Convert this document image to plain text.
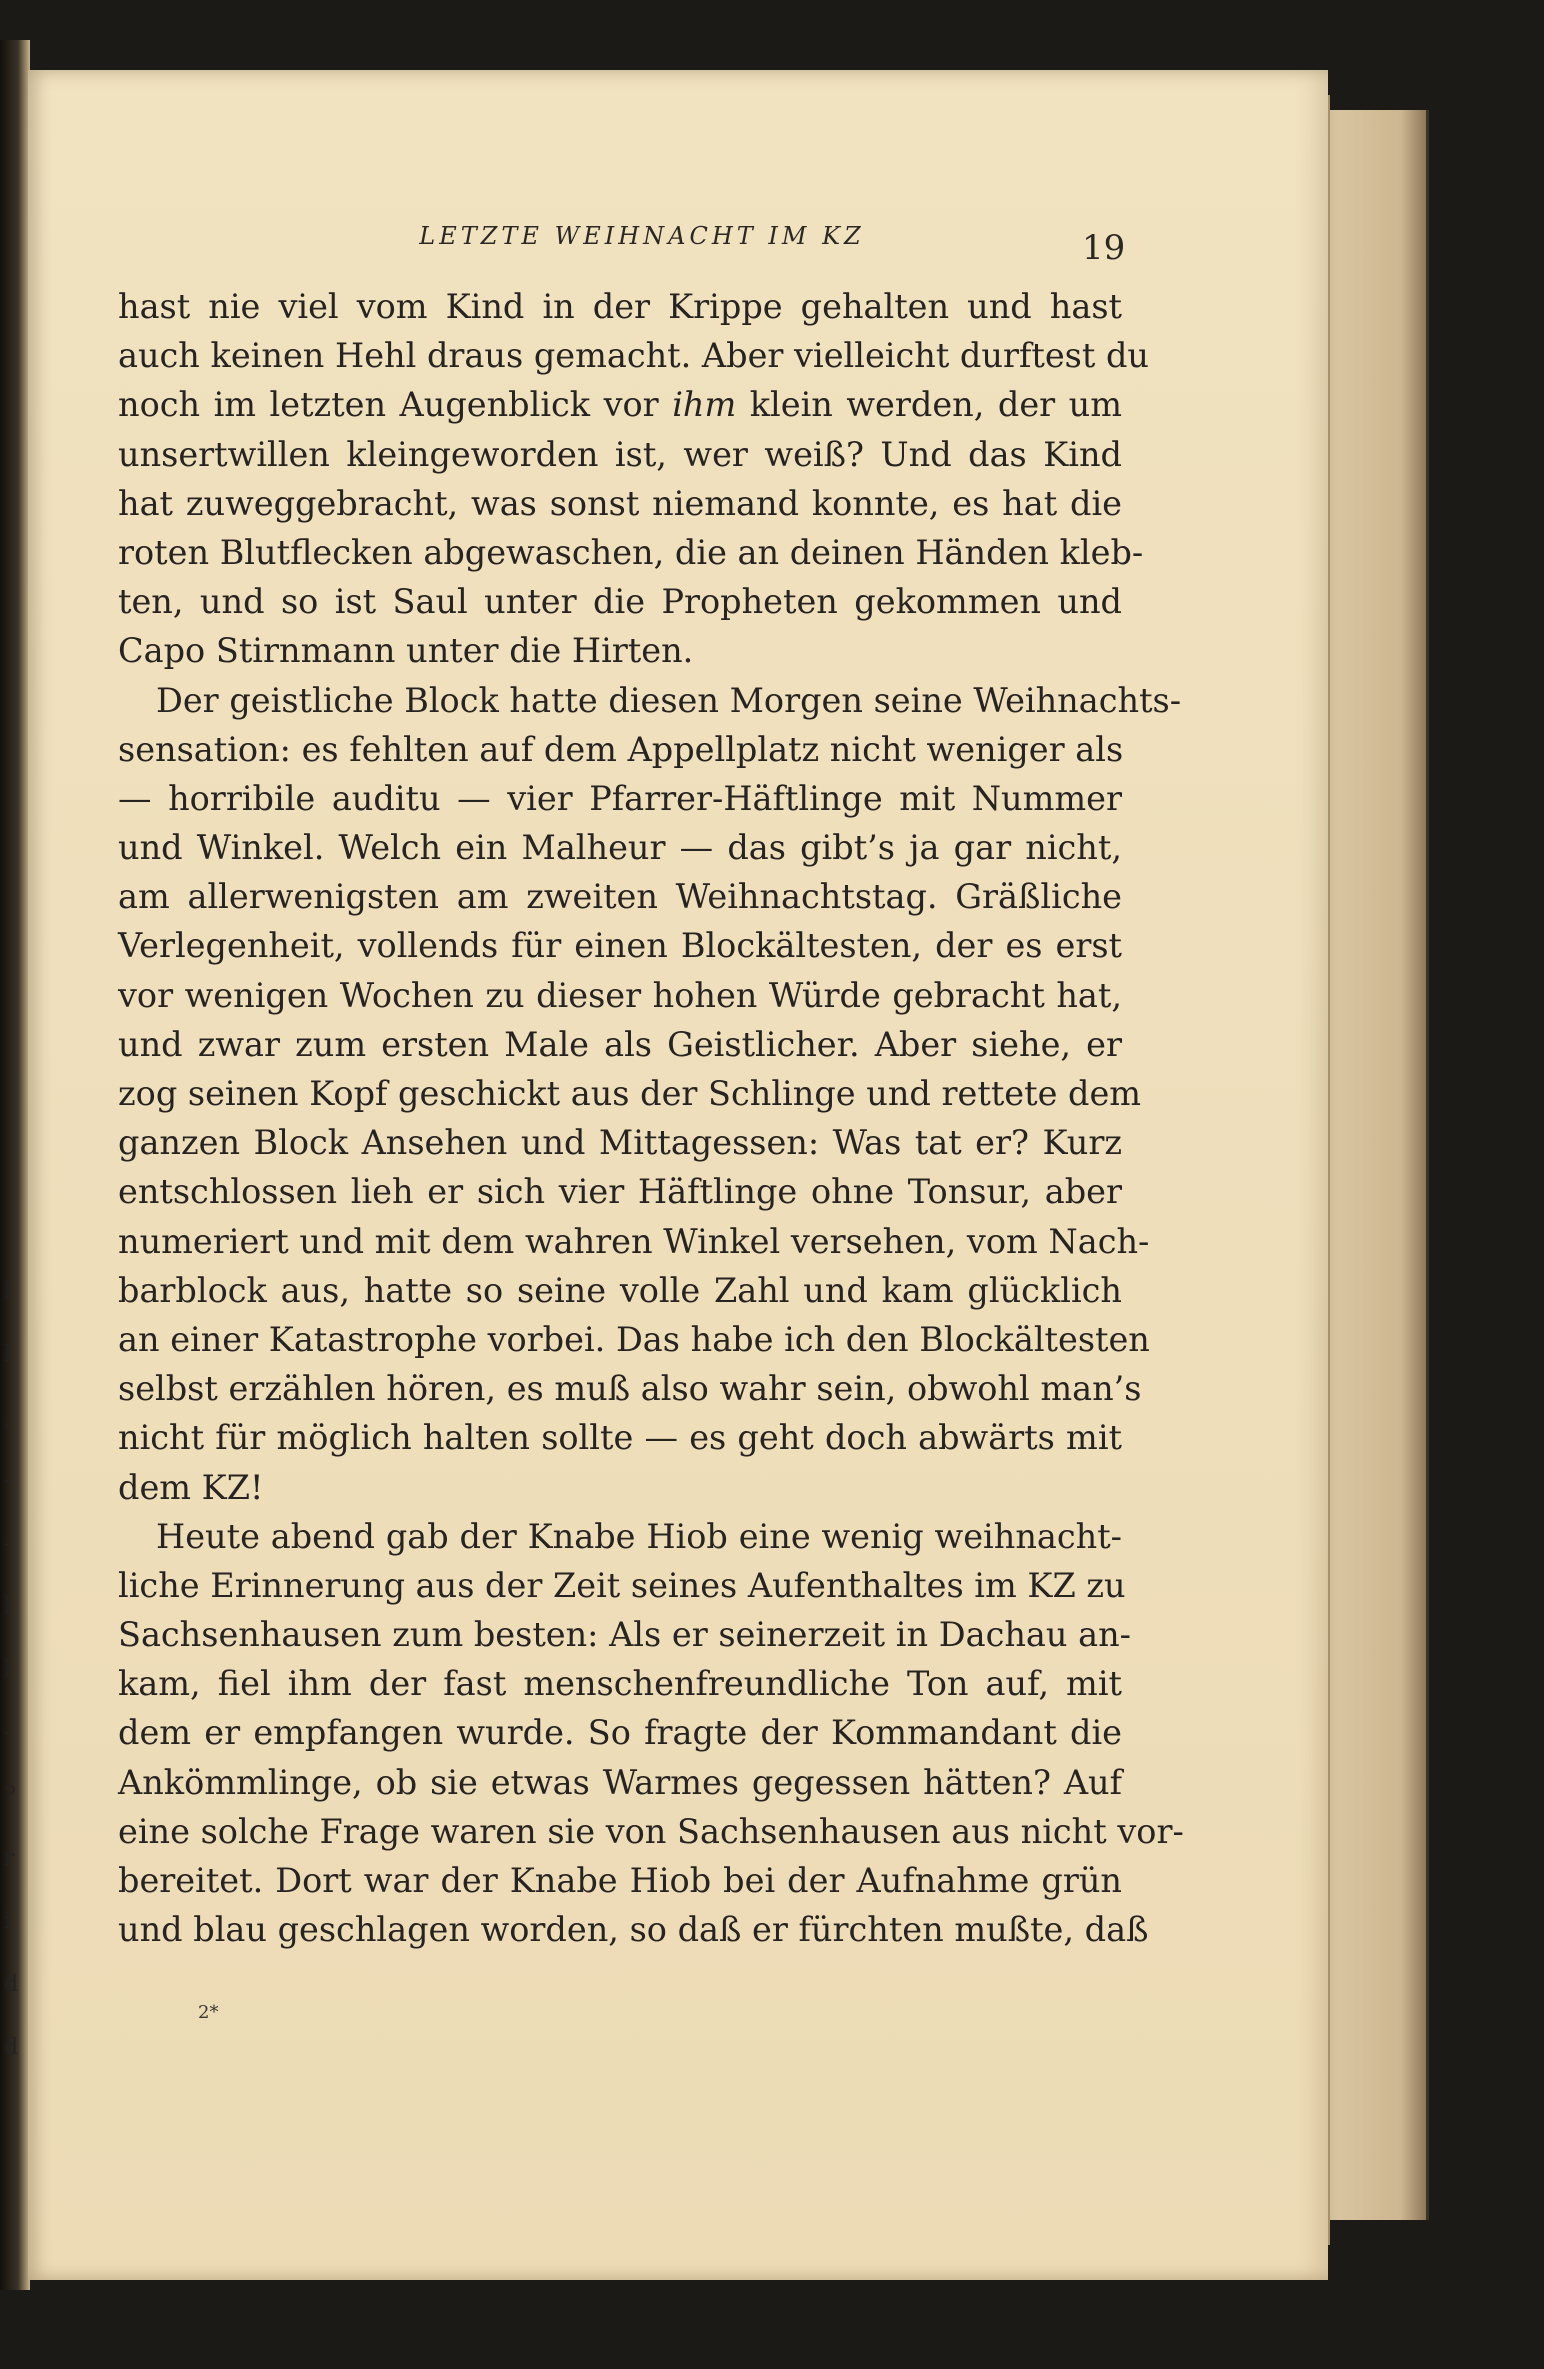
l
l
,
-
-
l
l
-
?
r
i
d
d
LETZTE WEIHNACHT IM KZ	19
hast nie viel vom Kind in der Krippe gehalten und hast
auch keinen Hehl draus gemacht. Aber vielleicht durftest du
noch im letzten Augenblick vor ihm klein werden, der um
unsertwillen kleingeworden ist, wer weiß? Und das Kind
hat zuweggebracht, was sonst niemand konnte, es hat die
roten Blutflecken abgewaschen, die an deinen Händen kleb-
ten, und so ist Saul unter die Propheten gekommen und
Capo Stirnmann unter die Hirten.
Der geistliche Block hatte diesen Morgen seine Weihnachts-
sensation: es fehlten auf dem Appellplatz nicht weniger als
— horribile auditu — vier Pfarrer-Häftlinge mit Nummer
und Winkel. Welch ein Malheur — das gibt’s ja gar nicht,
am allerwenigsten am zweiten Weihnachtstag. Gräßliche
Verlegenheit, vollends für einen Blockältesten, der es erst
vor wenigen Wochen zu dieser hohen Würde gebracht hat,
und zwar zum ersten Male als Geistlicher. Aber siehe, er
zog seinen Kopf geschickt aus der Schlinge und rettete dem
ganzen Block Ansehen und Mittagessen: Was tat er? Kurz
entschlossen lieh er sich vier Häftlinge ohne Tonsur, aber
numeriert und mit dem wahren Winkel versehen, vom Nach-
barblock aus, hatte so seine volle Zahl und kam glücklich
an einer Katastrophe vorbei. Das habe ich den Blockältesten
selbst erzählen hören, es muß also wahr sein, obwohl man’s
nicht für möglich halten sollte — es geht doch abwärts mit
dem KZ!
Heute abend gab der Knabe Hiob eine wenig weihnacht-
liche Erinnerung aus der Zeit seines Aufenthaltes im KZ zu
Sachsenhausen zum besten: Als er seinerzeit in Dachau an-
kam, fiel ihm der fast menschenfreundliche Ton auf, mit
dem er empfangen wurde. So fragte der Kommandant die
Ankömmlinge, ob sie etwas Warmes gegessen hätten? Auf
eine solche Frage waren sie von Sachsenhausen aus nicht vor-
bereitet. Dort war der Knabe Hiob bei der Aufnahme grün
und blau geschlagen worden, so daß er fürchten mußte, daß
2*
